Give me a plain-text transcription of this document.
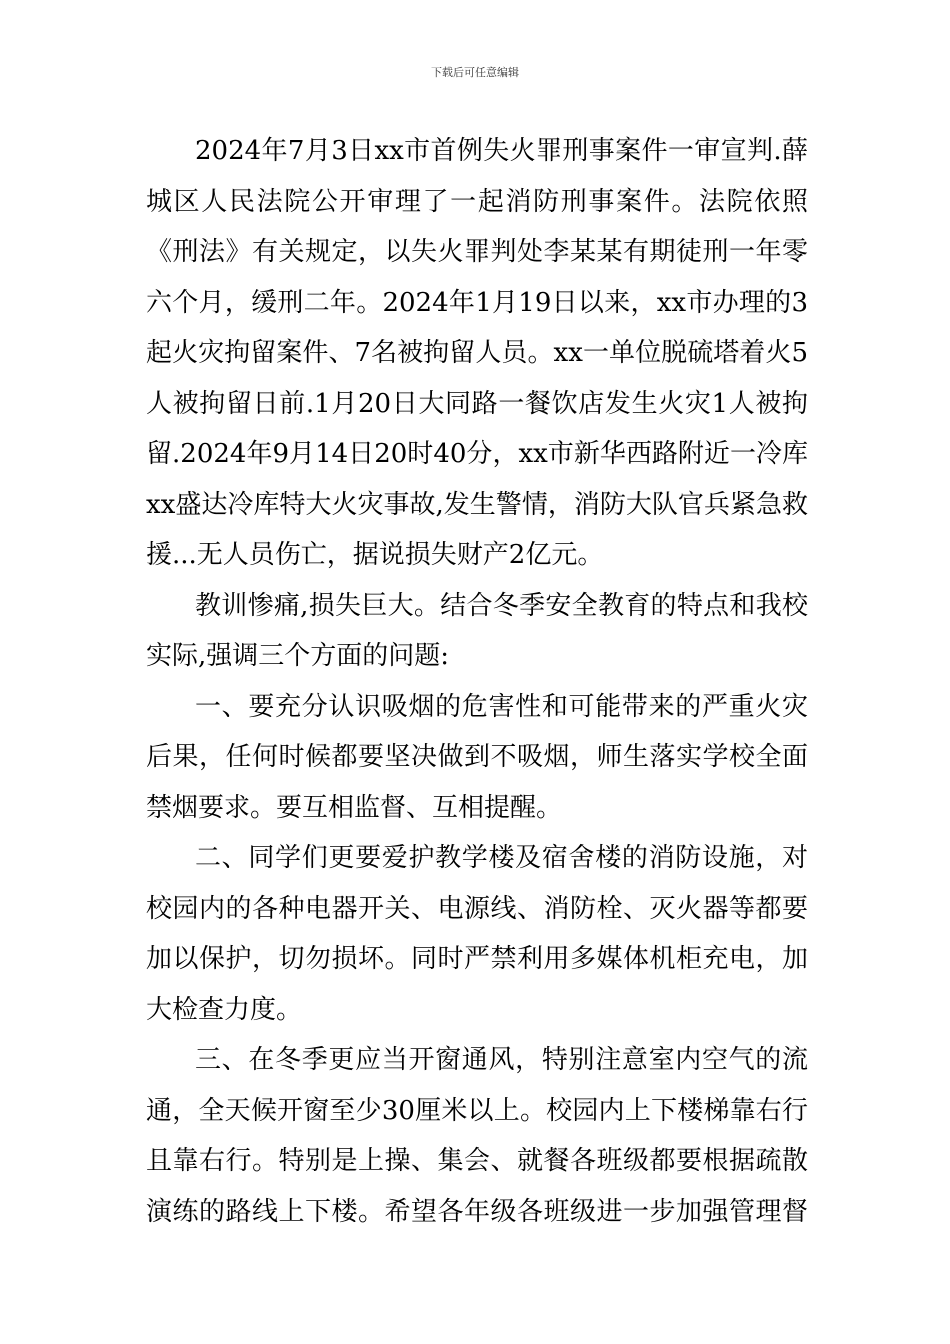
下载后可任意编辑
2024年7月3日xx市首例失火罪刑事案件一审宣判.薛
城区人民法院公开审理了一起消防刑事案件。法院依照
《刑法》有关规定，以失火罪判处李某某有期徒刑一年零
六个月，缓刑二年。2024年1月19日以来，xx市办理的3
起火灾拘留案件、7名被拘留人员。xx一单位脱硫塔着火5
人被拘留日前.1月20日大同路一餐饮店发生火灾1人被拘
留.2024年9月14日20时40分，xx市新华西路附近一冷库
xx盛达冷库特大火灾事故,发生警情，消防大队官兵紧急救
援...无人员伤亡，据说损失财产2亿元。
教训惨痛,损失巨大。结合冬季安全教育的特点和我校
实际,强调三个方面的问题:
一、要充分认识吸烟的危害性和可能带来的严重火灾
后果，任何时候都要坚决做到不吸烟，师生落实学校全面
禁烟要求。要互相监督、互相提醒。
二、同学们更要爱护教学楼及宿舍楼的消防设施，对
校园内的各种电器开关、电源线、消防栓、灭火器等都要
加以保护，切勿损坏。同时严禁利用多媒体机柜充电，加
大检查力度。
三、在冬季更应当开窗通风，特别注意室内空气的流
通，全天候开窗至少30厘米以上。校园内上下楼梯靠右行
且靠右行。特别是上操、集会、就餐各班级都要根据疏散
演练的路线上下楼。希望各年级各班级进一步加强管理督
